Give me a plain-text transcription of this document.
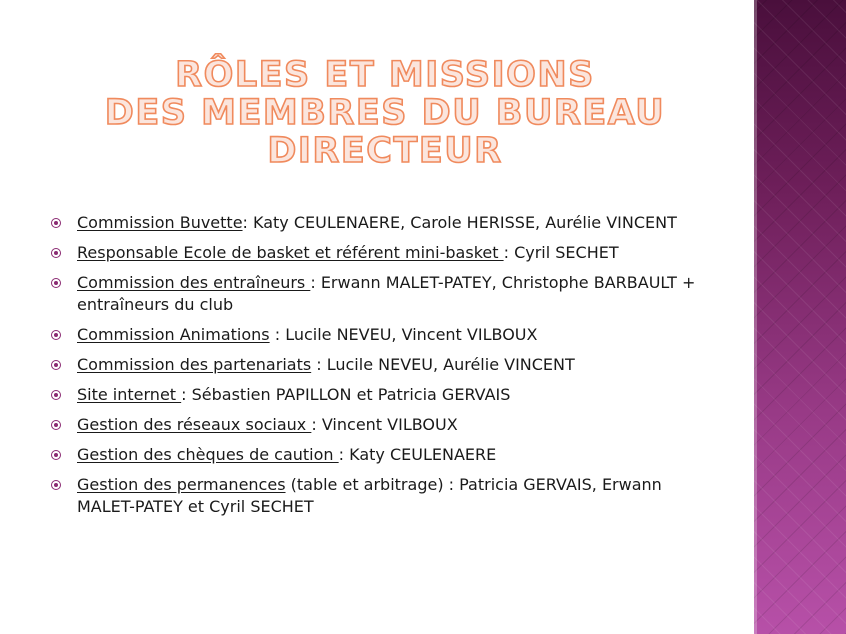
RÔLES ET MISSIONS
DES MEMBRES DU BUREAU DIRECTEUR
Commission Buvette: Katy CEULENAERE, Carole HERISSE, Aurélie VINCENT
Responsable Ecole de basket et référent mini-basket : Cyril SECHET
Commission des entraîneurs : Erwann MALET-PATEY, Christophe BARBAULT + entraîneurs du club
Commission Animations : Lucile NEVEU, Vincent VILBOUX
Commission des partenariats : Lucile NEVEU, Aurélie VINCENT
Site internet : Sébastien PAPILLON et Patricia GERVAIS
Gestion des réseaux sociaux : Vincent VILBOUX
Gestion des chèques de caution : Katy CEULENAERE
Gestion des permanences (table et arbitrage) : Patricia GERVAIS, Erwann MALET-PATEY et Cyril SECHET
